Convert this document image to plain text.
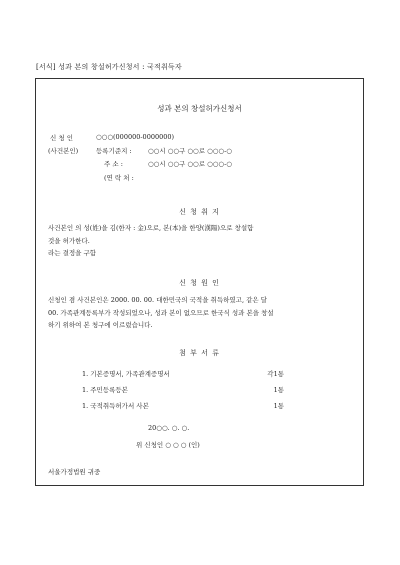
[서식] 성과 본의 창설허가신청서 : 국적취득자
성과 본의 창설허가신청서
신 청 인	○○○(000000-0000000)
(사건본인)	등록기준지 :	○○시 ○○구 ○○로 ○○○-○
주 소 :	○○시 ○○구 ○○로 ○○○-○
(연 락 처 :
신 청 취 지
사건본인 의 성(姓)을 김(한자 : 金)으로, 본(本)을 한양(漢陽)으로 창설함
것을 허가한다.
라는 결정을 구함
신 청 원 인
신청인 겸 사건본인은 2000. 00. 00. 대한민국의 국적을 취득하였고, 같은 달
00. 가족관계등록부가 작성되었으나, 성과 본이 없으므로 한국식 성과 본을 창설
하기 위하여 본 청구에 이르렀습니다.
첨 부 서 류
1. 기본증명서, 가족관계증명서	각1통
1. 주민등록등본	1통
1. 국적취득허가서 사본	1통
20○○. ○. ○.
위 신청인 ○ ○ ○ (인)
서울가정법원 귀중
